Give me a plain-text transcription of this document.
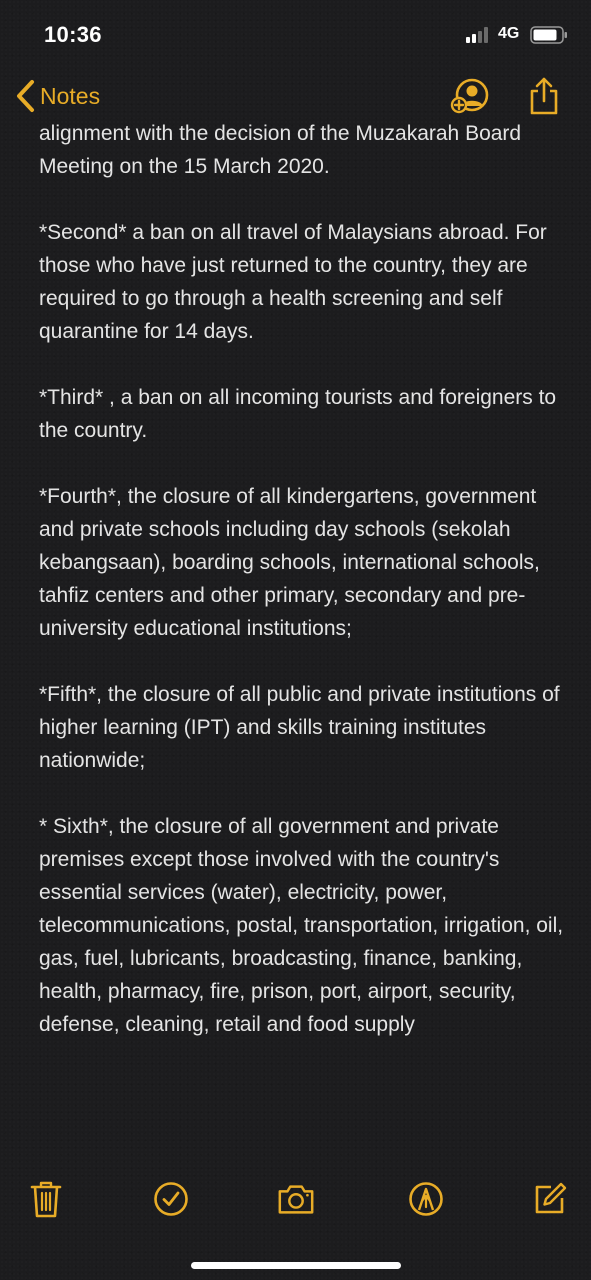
10:36	4G
Notes

alignment with the decision of the Muzakarah Board Meeting on the 15 March 2020.

*Second* a ban on all travel of Malaysians abroad. For those who have just returned to the country, they are required to go through a health screening and self quarantine for 14 days.

*Third* , a ban on all incoming tourists and foreigners to the country.

*Fourth*, the closure of all kindergartens, government and private schools including day schools (sekolah kebangsaan), boarding schools, international schools, tahfiz centers and other primary, secondary and pre-university educational institutions;

*Fifth*, the closure of all public and private institutions of higher learning (IPT) and skills training institutes nationwide;

* Sixth*, the closure of all government and private premises except those involved with the country's essential services (water), electricity, power, telecommunications, postal, transportation, irrigation, oil, gas, fuel, lubricants, broadcasting, finance, banking, health, pharmacy, fire, prison, port, airport, security, defense, cleaning, retail and food supply
